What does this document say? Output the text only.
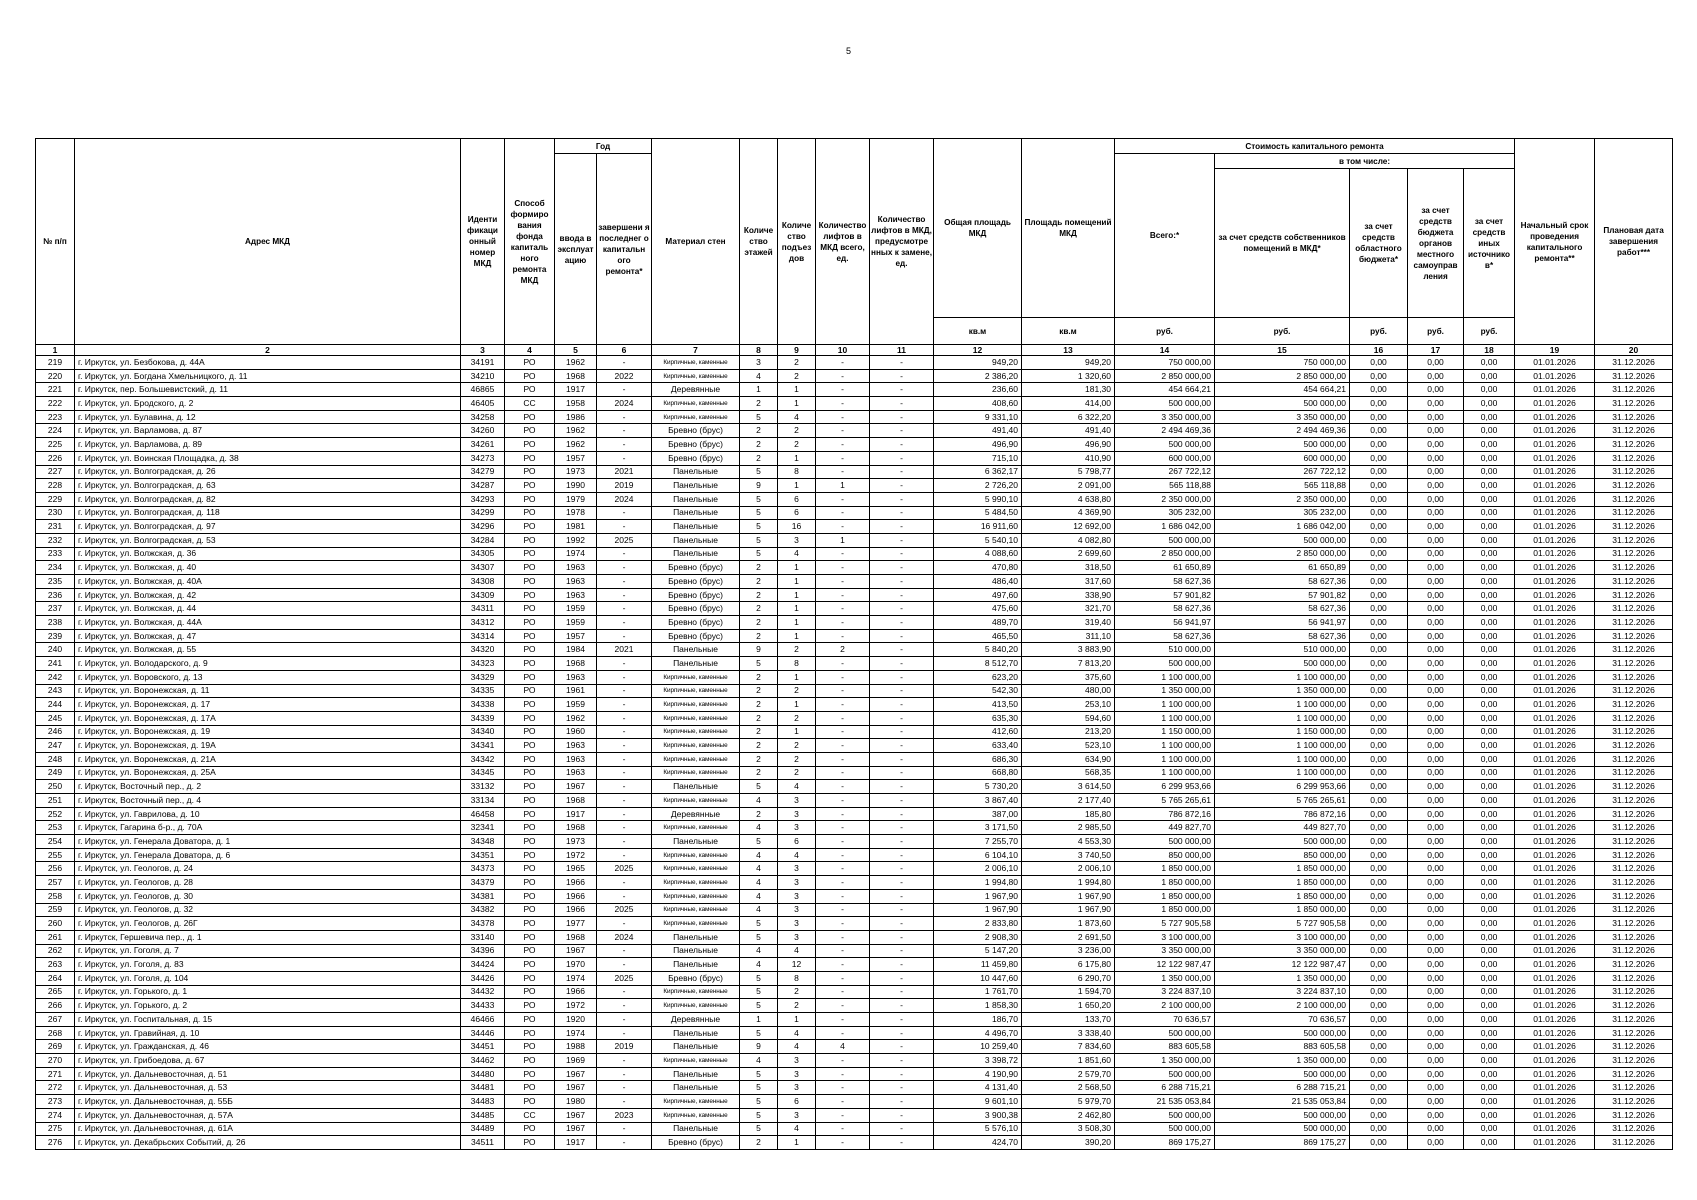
5
№ п/п	Адрес МКД	Иденти фикаци онный номер МКД	Способ формиро вания фонда капиталь ного ремонта МКД	Год		Материал стен	Количе ство этажей	Количе ство подъез дов	Количество лифтов в МКД всего, ед.	Количество лифтов в МКД, предусмотре нных к замене, ед.	Общая площадь МКД	Площадь помещений МКД	Стоимость капитального ремонта					Начальный срок проведения капитального ремонта**	Плановая дата завершения работ***
				ввода в эксплуат ацию	завершени я последнег о капитальн ого ремонта*								Всего:*	в том числе:					
														за счет средств собственников помещений в МКД*	за счет средств областного бюджета*	за счет средств бюджета органов местного самоуправ ления	за счет средств иных источнико в*		

											кв.м	кв.м	руб.	руб.	руб.	руб.	руб.		
1	2	3	4	5	6	7	8	9	10	11	12	13	14	15	16	17	18	19	20
219	г. Иркутск, ул. Безбокова, д. 44А	34191	РО	1962	-	Кирпичные, каменные	3	2	-	-	949,20	949,20	750 000,00	750 000,00	0,00	0,00	0,00	01.01.2026	31.12.2026
220	г. Иркутск, ул. Богдана Хмельницкого, д. 11	34210	РО	1968	2022	Кирпичные, каменные	4	2	-	-	2 386,20	1 320,60	2 850 000,00	2 850 000,00	0,00	0,00	0,00	01.01.2026	31.12.2026
221	г. Иркутск, пер. Большевистский, д. 11	46865	РО	1917	-	Деревянные	1	1	-	-	236,60	181,30	454 664,21	454 664,21	0,00	0,00	0,00	01.01.2026	31.12.2026
222	г. Иркутск, ул. Бродского, д. 2	46405	СС	1958	2024	Кирпичные, каменные	2	1	-	-	408,60	414,00	500 000,00	500 000,00	0,00	0,00	0,00	01.01.2026	31.12.2026
223	г. Иркутск, ул. Булавина, д. 12	34258	РО	1986	-	Кирпичные, каменные	5	4	-	-	9 331,10	6 322,20	3 350 000,00	3 350 000,00	0,00	0,00	0,00	01.01.2026	31.12.2026
224	г. Иркутск, ул. Варламова, д. 87	34260	РО	1962	-	Бревно (брус)	2	2	-	-	491,40	491,40	2 494 469,36	2 494 469,36	0,00	0,00	0,00	01.01.2026	31.12.2026
225	г. Иркутск, ул. Варламова, д. 89	34261	РО	1962	-	Бревно (брус)	2	2	-	-	496,90	496,90	500 000,00	500 000,00	0,00	0,00	0,00	01.01.2026	31.12.2026
226	г. Иркутск, ул. Воинская Площадка, д. 38	34273	РО	1957	-	Бревно (брус)	2	1	-	-	715,10	410,90	600 000,00	600 000,00	0,00	0,00	0,00	01.01.2026	31.12.2026
227	г. Иркутск, ул. Волгоградская, д. 26	34279	РО	1973	2021	Панельные	5	8	-	-	6 362,17	5 798,77	267 722,12	267 722,12	0,00	0,00	0,00	01.01.2026	31.12.2026
228	г. Иркутск, ул. Волгоградская, д. 63	34287	РО	1990	2019	Панельные	9	1	1	-	2 726,20	2 091,00	565 118,88	565 118,88	0,00	0,00	0,00	01.01.2026	31.12.2026
229	г. Иркутск, ул. Волгоградская, д. 82	34293	РО	1979	2024	Панельные	5	6	-	-	5 990,10	4 638,80	2 350 000,00	2 350 000,00	0,00	0,00	0,00	01.01.2026	31.12.2026
230	г. Иркутск, ул. Волгоградская, д. 118	34299	РО	1978	-	Панельные	5	6	-	-	5 484,50	4 369,90	305 232,00	305 232,00	0,00	0,00	0,00	01.01.2026	31.12.2026
231	г. Иркутск, ул. Волгоградская, д. 97	34296	РО	1981	-	Панельные	5	16	-	-	16 911,60	12 692,00	1 686 042,00	1 686 042,00	0,00	0,00	0,00	01.01.2026	31.12.2026
232	г. Иркутск, ул. Волгоградская, д. 53	34284	РО	1992	2025	Панельные	5	3	1	-	5 540,10	4 082,80	500 000,00	500 000,00	0,00	0,00	0,00	01.01.2026	31.12.2026
233	г. Иркутск, ул. Волжская, д. 36	34305	РО	1974	-	Панельные	5	4	-	-	4 088,60	2 699,60	2 850 000,00	2 850 000,00	0,00	0,00	0,00	01.01.2026	31.12.2026
234	г. Иркутск, ул. Волжская, д. 40	34307	РО	1963	-	Бревно (брус)	2	1	-	-	470,80	318,50	61 650,89	61 650,89	0,00	0,00	0,00	01.01.2026	31.12.2026
235	г. Иркутск, ул. Волжская, д. 40А	34308	РО	1963	-	Бревно (брус)	2	1	-	-	486,40	317,60	58 627,36	58 627,36	0,00	0,00	0,00	01.01.2026	31.12.2026
236	г. Иркутск, ул. Волжская, д. 42	34309	РО	1963	-	Бревно (брус)	2	1	-	-	497,60	338,90	57 901,82	57 901,82	0,00	0,00	0,00	01.01.2026	31.12.2026
237	г. Иркутск, ул. Волжская, д. 44	34311	РО	1959	-	Бревно (брус)	2	1	-	-	475,60	321,70	58 627,36	58 627,36	0,00	0,00	0,00	01.01.2026	31.12.2026
238	г. Иркутск, ул. Волжская, д. 44А	34312	РО	1959	-	Бревно (брус)	2	1	-	-	489,70	319,40	56 941,97	56 941,97	0,00	0,00	0,00	01.01.2026	31.12.2026
239	г. Иркутск, ул. Волжская, д. 47	34314	РО	1957	-	Бревно (брус)	2	1	-	-	465,50	311,10	58 627,36	58 627,36	0,00	0,00	0,00	01.01.2026	31.12.2026
240	г. Иркутск, ул. Волжская, д. 55	34320	РО	1984	2021	Панельные	9	2	2	-	5 840,20	3 883,90	510 000,00	510 000,00	0,00	0,00	0,00	01.01.2026	31.12.2026
241	г. Иркутск, ул. Володарского, д. 9	34323	РО	1968	-	Панельные	5	8	-	-	8 512,70	7 813,20	500 000,00	500 000,00	0,00	0,00	0,00	01.01.2026	31.12.2026
242	г. Иркутск, ул. Воровского, д. 13	34329	РО	1963	-	Кирпичные, каменные	2	1	-	-	623,20	375,60	1 100 000,00	1 100 000,00	0,00	0,00	0,00	01.01.2026	31.12.2026
243	г. Иркутск, ул. Воронежская, д. 11	34335	РО	1961	-	Кирпичные, каменные	2	2	-	-	542,30	480,00	1 350 000,00	1 350 000,00	0,00	0,00	0,00	01.01.2026	31.12.2026
244	г. Иркутск, ул. Воронежская, д. 17	34338	РО	1959	-	Кирпичные, каменные	2	1	-	-	413,50	253,10	1 100 000,00	1 100 000,00	0,00	0,00	0,00	01.01.2026	31.12.2026
245	г. Иркутск, ул. Воронежская, д. 17А	34339	РО	1962	-	Кирпичные, каменные	2	2	-	-	635,30	594,60	1 100 000,00	1 100 000,00	0,00	0,00	0,00	01.01.2026	31.12.2026
246	г. Иркутск, ул. Воронежская, д. 19	34340	РО	1960	-	Кирпичные, каменные	2	1	-	-	412,60	213,20	1 150 000,00	1 150 000,00	0,00	0,00	0,00	01.01.2026	31.12.2026
247	г. Иркутск, ул. Воронежская, д. 19А	34341	РО	1963	-	Кирпичные, каменные	2	2	-	-	633,40	523,10	1 100 000,00	1 100 000,00	0,00	0,00	0,00	01.01.2026	31.12.2026
248	г. Иркутск, ул. Воронежская, д. 21А	34342	РО	1963	-	Кирпичные, каменные	2	2	-	-	686,30	634,90	1 100 000,00	1 100 000,00	0,00	0,00	0,00	01.01.2026	31.12.2026
249	г. Иркутск, ул. Воронежская, д. 25А	34345	РО	1963	-	Кирпичные, каменные	2	2	-	-	668,80	568,35	1 100 000,00	1 100 000,00	0,00	0,00	0,00	01.01.2026	31.12.2026
250	г. Иркутск, Восточный пер., д. 2	33132	РО	1967	-	Панельные	5	4	-	-	5 730,20	3 614,50	6 299 953,66	6 299 953,66	0,00	0,00	0,00	01.01.2026	31.12.2026
251	г. Иркутск, Восточный пер., д. 4	33134	РО	1968	-	Кирпичные, каменные	4	3	-	-	3 867,40	2 177,40	5 765 265,61	5 765 265,61	0,00	0,00	0,00	01.01.2026	31.12.2026
252	г. Иркутск, ул. Гаврилова, д. 10	46458	РО	1917	-	Деревянные	2	3	-	-	387,00	185,80	786 872,16	786 872,16	0,00	0,00	0,00	01.01.2026	31.12.2026
253	г. Иркутск, Гагарина б-р., д. 70А	32341	РО	1968	-	Кирпичные, каменные	4	3	-	-	3 171,50	2 985,50	449 827,70	449 827,70	0,00	0,00	0,00	01.01.2026	31.12.2026
254	г. Иркутск, ул. Генерала Доватора, д. 1	34348	РО	1973	-	Панельные	5	6	-	-	7 255,70	4 553,30	500 000,00	500 000,00	0,00	0,00	0,00	01.01.2026	31.12.2026
255	г. Иркутск, ул. Генерала Доватора, д. 6	34351	РО	1972	-	Кирпичные, каменные	4	4	-	-	6 104,10	3 740,50	850 000,00	850 000,00	0,00	0,00	0,00	01.01.2026	31.12.2026
256	г. Иркутск, ул. Геологов, д. 24	34373	РО	1965	2025	Кирпичные, каменные	4	3	-	-	2 006,10	2 006,10	1 850 000,00	1 850 000,00	0,00	0,00	0,00	01.01.2026	31.12.2026
257	г. Иркутск, ул. Геологов, д. 28	34379	РО	1966	-	Кирпичные, каменные	4	3	-	-	1 994,80	1 994,80	1 850 000,00	1 850 000,00	0,00	0,00	0,00	01.01.2026	31.12.2026
258	г. Иркутск, ул. Геологов, д. 30	34381	РО	1966	-	Кирпичные, каменные	4	3	-	-	1 967,90	1 967,90	1 850 000,00	1 850 000,00	0,00	0,00	0,00	01.01.2026	31.12.2026
259	г. Иркутск, ул. Геологов, д. 32	34382	РО	1966	2025	Кирпичные, каменные	4	3	-	-	1 967,90	1 967,90	1 850 000,00	1 850 000,00	0,00	0,00	0,00	01.01.2026	31.12.2026
260	г. Иркутск, ул. Геологов, д. 26Г	34378	РО	1977	-	Кирпичные, каменные	5	3	-	-	2 833,80	1 873,60	5 727 905,58	5 727 905,58	0,00	0,00	0,00	01.01.2026	31.12.2026
261	г. Иркутск, Гершевича пер., д. 1	33140	РО	1968	2024	Панельные	5	3	-	-	2 908,30	2 691,50	3 100 000,00	3 100 000,00	0,00	0,00	0,00	01.01.2026	31.12.2026
262	г. Иркутск, ул. Гоголя, д. 7	34396	РО	1967	-	Панельные	4	4	-	-	5 147,20	3 236,00	3 350 000,00	3 350 000,00	0,00	0,00	0,00	01.01.2026	31.12.2026
263	г. Иркутск, ул. Гоголя, д. 83	34424	РО	1970	-	Панельные	4	12	-	-	11 459,80	6 175,80	12 122 987,47	12 122 987,47	0,00	0,00	0,00	01.01.2026	31.12.2026
264	г. Иркутск, ул. Гоголя, д. 104	34426	РО	1974	2025	Бревно (брус)	5	8	-	-	10 447,60	6 290,70	1 350 000,00	1 350 000,00	0,00	0,00	0,00	01.01.2026	31.12.2026
265	г. Иркутск, ул. Горького, д. 1	34432	РО	1966	-	Кирпичные, каменные	5	2	-	-	1 761,70	1 594,70	3 224 837,10	3 224 837,10	0,00	0,00	0,00	01.01.2026	31.12.2026
266	г. Иркутск, ул. Горького, д. 2	34433	РО	1972	-	Кирпичные, каменные	5	2	-	-	1 858,30	1 650,20	2 100 000,00	2 100 000,00	0,00	0,00	0,00	01.01.2026	31.12.2026
267	г. Иркутск, ул. Госпитальная, д. 15	46466	РО	1920	-	Деревянные	1	1	-	-	186,70	133,70	70 636,57	70 636,57	0,00	0,00	0,00	01.01.2026	31.12.2026
268	г. Иркутск, ул. Гравийная, д. 10	34446	РО	1974	-	Панельные	5	4	-	-	4 496,70	3 338,40	500 000,00	500 000,00	0,00	0,00	0,00	01.01.2026	31.12.2026
269	г. Иркутск, ул. Гражданская, д. 46	34451	РО	1988	2019	Панельные	9	4	4	-	10 259,40	7 834,60	883 605,58	883 605,58	0,00	0,00	0,00	01.01.2026	31.12.2026
270	г. Иркутск, ул. Грибоедова, д. 67	34462	РО	1969	-	Кирпичные, каменные	4	3	-	-	3 398,72	1 851,60	1 350 000,00	1 350 000,00	0,00	0,00	0,00	01.01.2026	31.12.2026
271	г. Иркутск, ул. Дальневосточная, д. 51	34480	РО	1967	-	Панельные	5	3	-	-	4 190,90	2 579,70	500 000,00	500 000,00	0,00	0,00	0,00	01.01.2026	31.12.2026
272	г. Иркутск, ул. Дальневосточная, д. 53	34481	РО	1967	-	Панельные	5	3	-	-	4 131,40	2 568,50	6 288 715,21	6 288 715,21	0,00	0,00	0,00	01.01.2026	31.12.2026
273	г. Иркутск, ул. Дальневосточная, д. 55Б	34483	РО	1980	-	Кирпичные, каменные	5	6	-	-	9 601,10	5 979,70	21 535 053,84	21 535 053,84	0,00	0,00	0,00	01.01.2026	31.12.2026
274	г. Иркутск, ул. Дальневосточная, д. 57А	34485	СС	1967	2023	Кирпичные, каменные	5	3	-	-	3 900,38	2 462,80	500 000,00	500 000,00	0,00	0,00	0,00	01.01.2026	31.12.2026
275	г. Иркутск, ул. Дальневосточная, д. 61А	34489	РО	1967	-	Панельные	5	4	-	-	5 576,10	3 508,30	500 000,00	500 000,00	0,00	0,00	0,00	01.01.2026	31.12.2026
276	г. Иркутск, ул. Декабрьских Событий, д. 26	34511	РО	1917	-	Бревно (брус)	2	1	-	-	424,70	390,20	869 175,27	869 175,27	0,00	0,00	0,00	01.01.2026	31.12.2026
